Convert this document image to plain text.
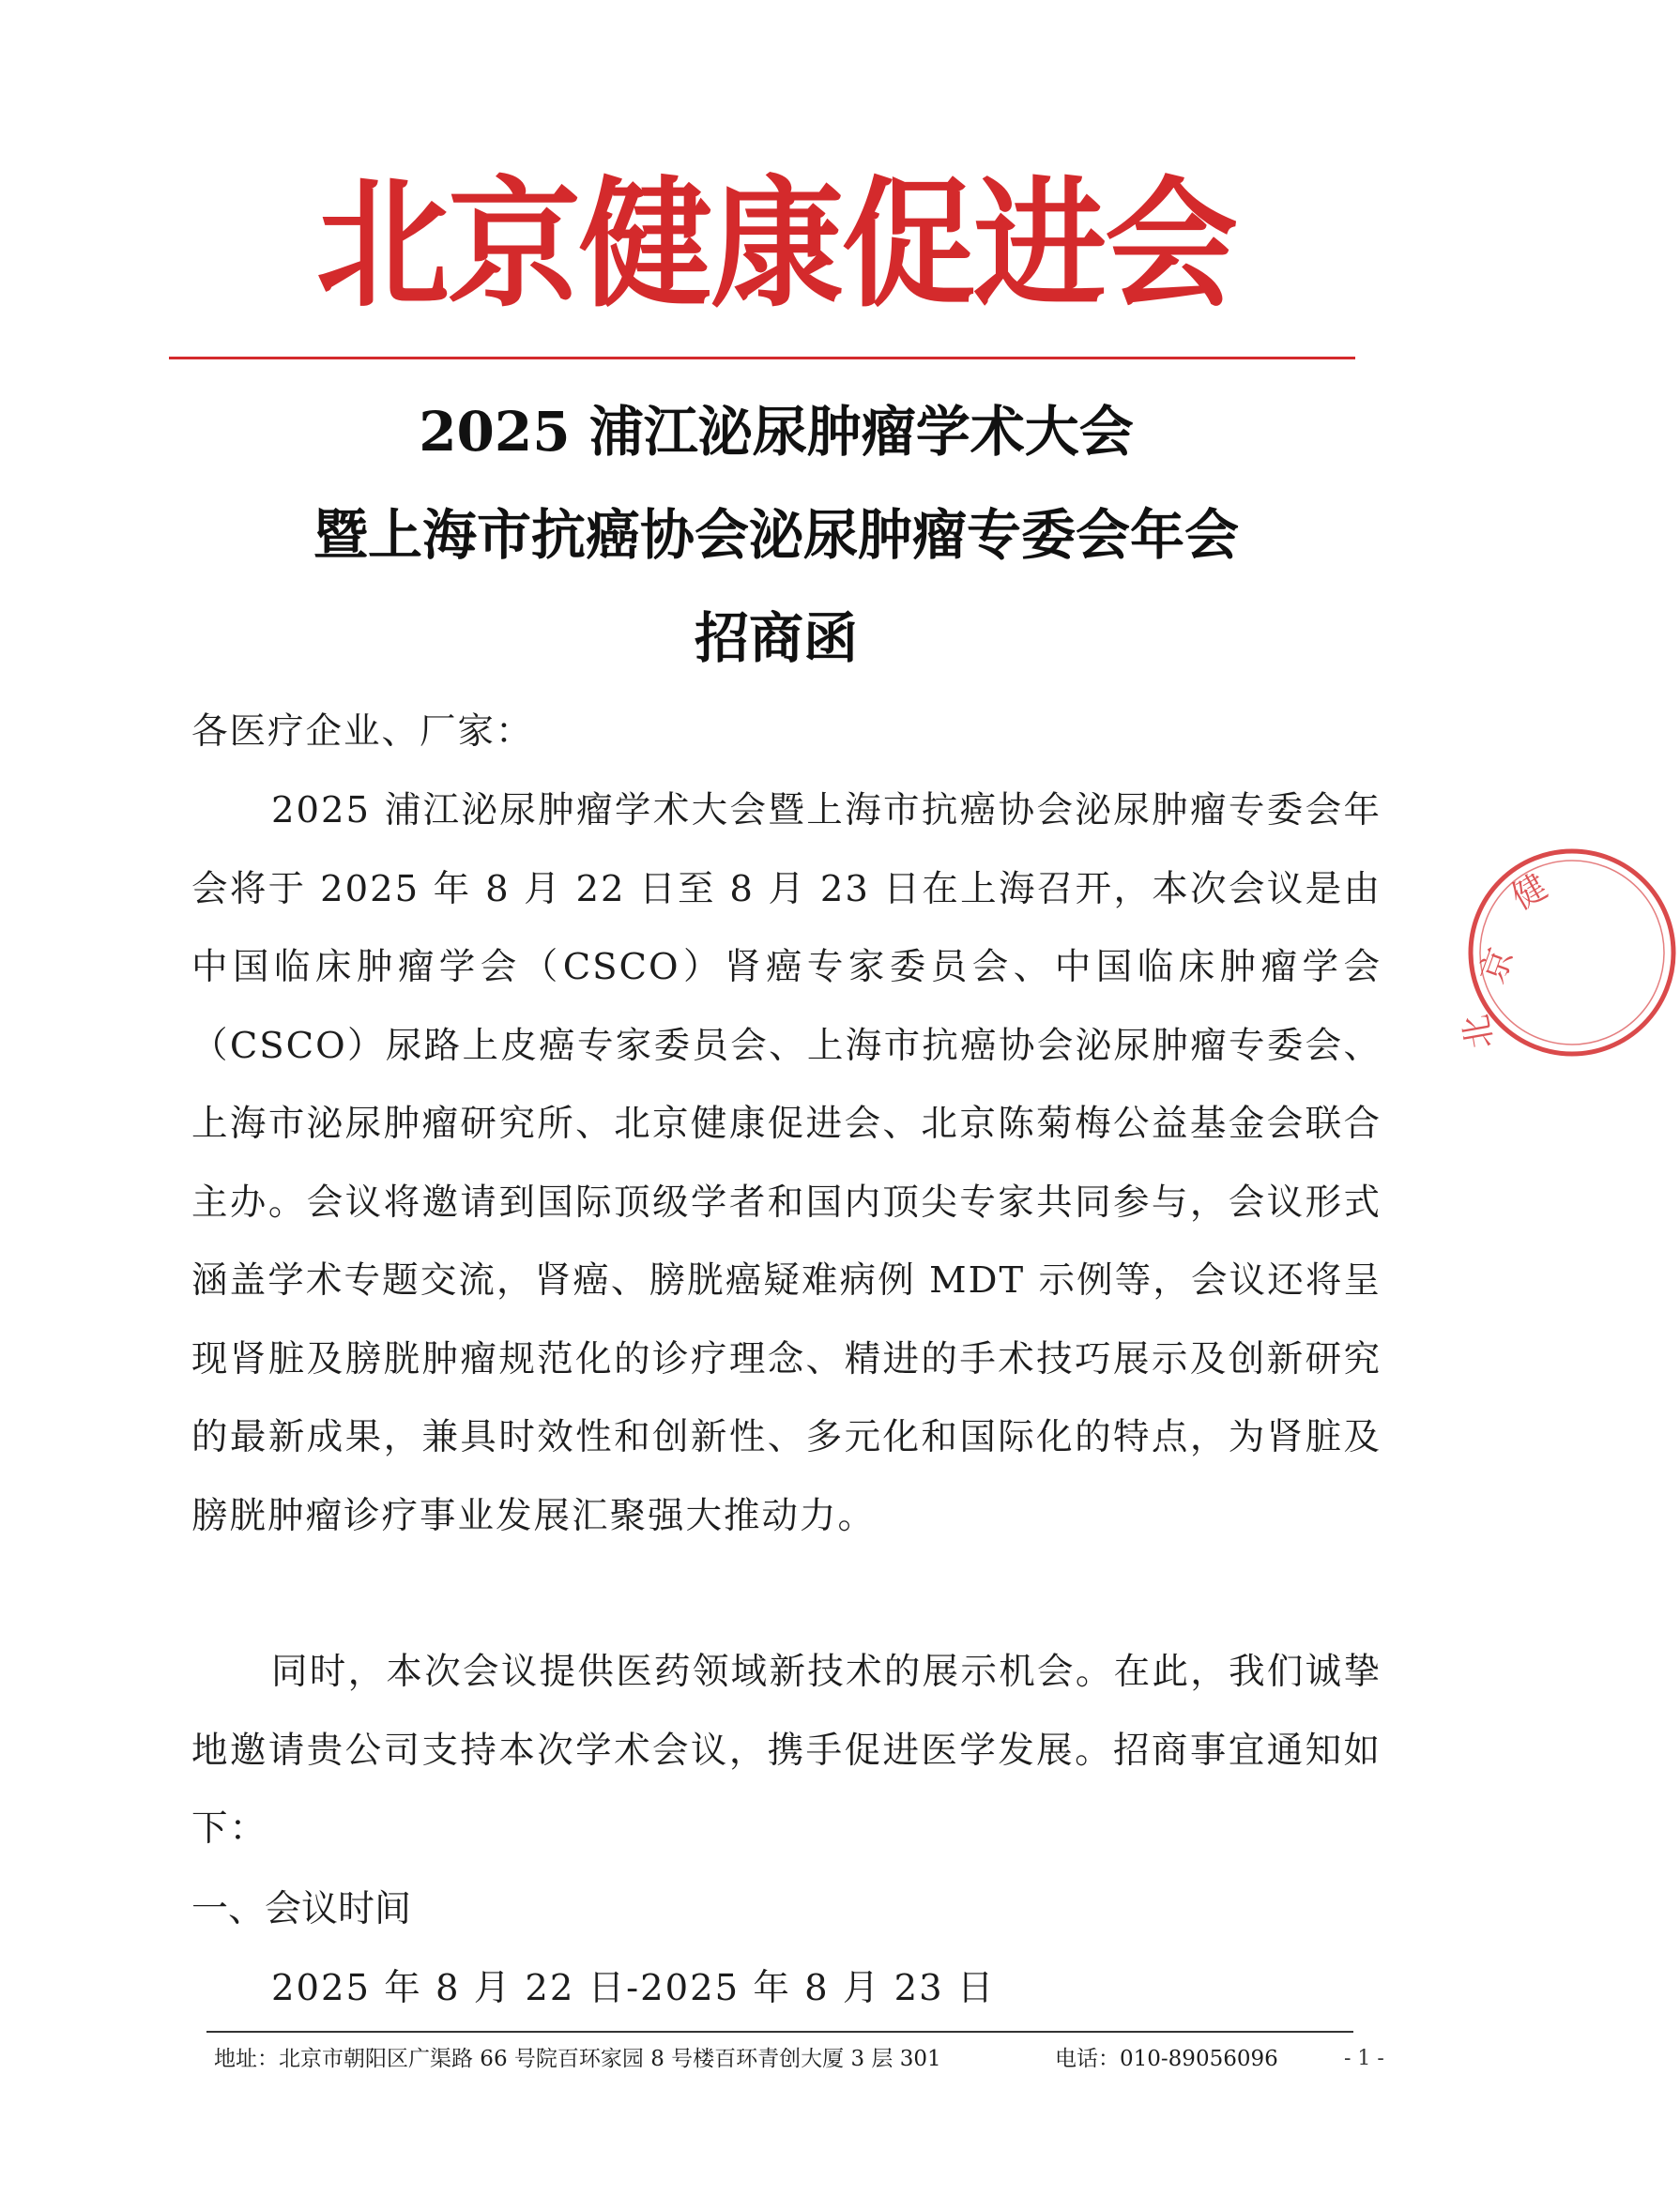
北京健康促进会
2025 浦江泌尿肿瘤学术大会
暨上海市抗癌协会泌尿肿瘤专委会年会
招商函
各医疗企业、厂家：
2025 浦江泌尿肿瘤学术大会暨上海市抗癌协会泌尿肿瘤专委会年会将于 2025 年 8 月 22 日至 8 月 23 日在上海召开，本次会议是由中国临床肿瘤学会（CSCO）肾癌专家委员会、中国临床肿瘤学会（CSCO）尿路上皮癌专家委员会、上海市抗癌协会泌尿肿瘤专委会、上海市泌尿肿瘤研究所、北京健康促进会、北京陈菊梅公益基金会联合主办。会议将邀请到国际顶级学者和国内顶尖专家共同参与，会议形式涵盖学术专题交流，肾癌、膀胱癌疑难病例 MDT 示例等，会议还将呈现肾脏及膀胱肿瘤规范化的诊疗理念、精进的手术技巧展示及创新研究的最新成果，兼具时效性和创新性、多元化和国际化的特点，为肾脏及膀胱肿瘤诊疗事业发展汇聚强大推动力。
同时，本次会议提供医药领域新技术的展示机会。在此，我们诚挚地邀请贵公司支持本次学术会议，携手促进医学发展。招商事宜通知如下：
一、会议时间
2025 年 8 月 22 日-2025 年 8 月 23 日
地址：北京市朝阳区广渠路 66 号院百环家园 8 号楼百环青创大厦 3 层 301	电话：010-89056096	- 1 -
京
健
北
